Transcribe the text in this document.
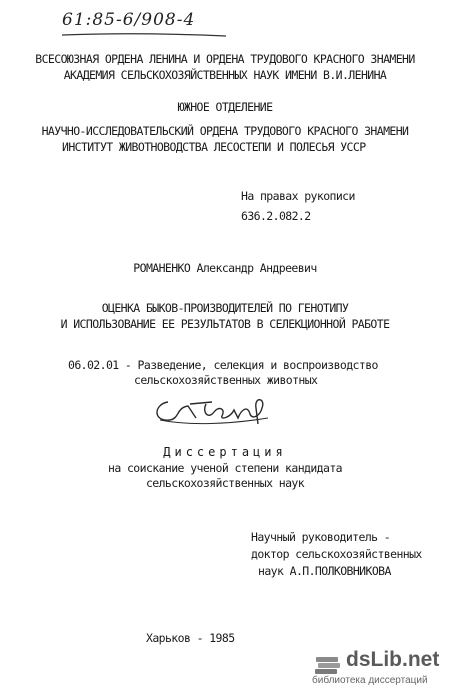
61:85-6/908-4
ВСЕСОЮЗНАЯ ОРДЕНА ЛЕНИНА И ОРДЕНА ТРУДОВОГО КРАСНОГО ЗНАМЕНИ
АКАДЕМИЯ СЕЛЬСКОХОЗЯЙСТВЕННЫХ НАУК ИМЕНИ В.И.ЛЕНИНА
ЮЖНОЕ ОТДЕЛЕНИЕ
НАУЧНО-ИССЛЕДОВАТЕЛЬСКИЙ ОРДЕНА ТРУДОВОГО КРАСНОГО ЗНАМЕНИ
ИНСТИТУТ ЖИВОТНОВОДСТВА ЛЕСОСТЕПИ И ПОЛЕСЬЯ УССР
На правах рукописи
636.2.082.2
РОМАНЕНКО Александр Андреевич
ОЦЕНКА БЫКОВ-ПРОИЗВОДИТЕЛЕЙ ПО ГЕНОТИПУ
И ИСПОЛЬЗОВАНИЕ ЕЕ РЕЗУЛЬТАТОВ В СЕЛЕКЦИОННОЙ РАБОТЕ
06.02.01 - Разведение, селекция и воспроизводство
сельскохозяйственных животных
Диссертация
на соискание ученой степени кандидата
сельскохозяйственных наук
Научный руководитель -
доктор сельскохозяйственных
наук А.П.ПОЛКОВНИКОВА
Харьков - 1985
dsLib.net
библиотека диссертаций
